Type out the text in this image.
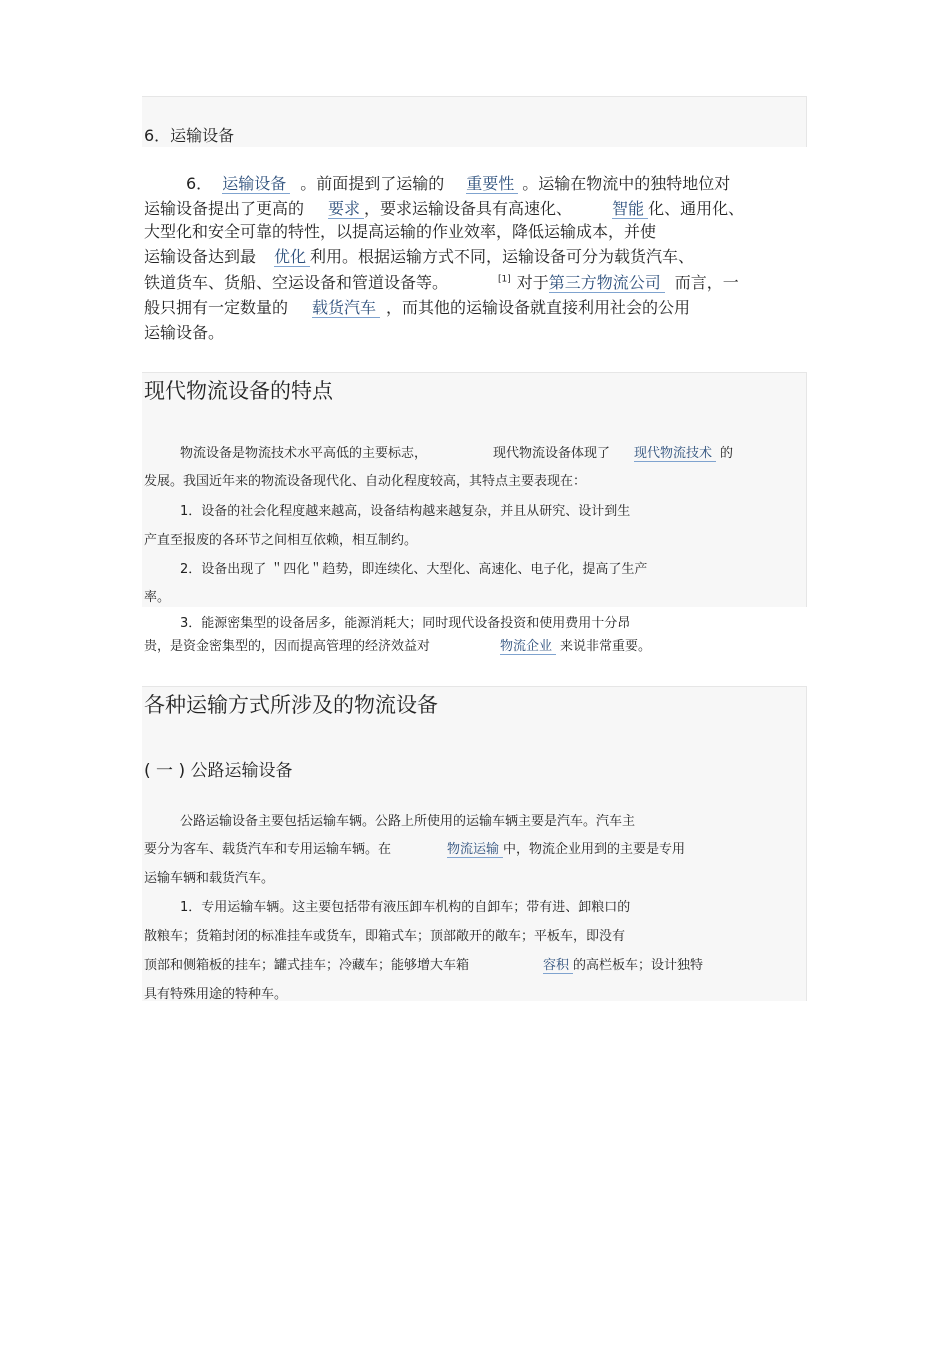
6．运输设备
6． 运输设备 。前面提到了运输的 重要性 。运输在物流中的独特地位对
运输设备提出了更高的 要求 ，要求运输设备具有高速化、	智能 化、通用化、
大型化和安全可靠的特性，以提高运输的作业效率，降低运输成本，并使
运输设备达到最 优化 利用。根据运输方式不同，运输设备可分为载货汽车、
铁道货车、货船、空运设备和管道设备等。	[1] 对于第三方物流公司 而言，一
般只拥有一定数量的 载货汽车 ，而其他的运输设备就直接利用社会的公用
运输设备。
现代物流设备的特点
物流设备是物流技术水平高低的主要标志，	现代物流设备体现了 现代物流技术 的
发展。我国近年来的物流设备现代化、自动化程度较高，其特点主要表现在：
1．设备的社会化程度越来越高，设备结构越来越复杂，并且从研究、设计到生
产直至报废的各环节之间相互依赖，相互制约。
2．设备出现了 ＂四化＂趋势，即连续化、大型化、高速化、电子化，提高了生产
率。
3．能源密集型的设备居多，能源消耗大；同时现代设备投资和使用费用十分昂
贵，是资金密集型的，因而提高管理的经济效益对	物流企业 来说非常重要。
各种运输方式所涉及的物流设备
( 一 ) 公路运输设备
公路运输设备主要包括运输车辆。公路上所使用的运输车辆主要是汽车。汽车主
要分为客车、载货汽车和专用运输车辆。在	物流运输 中，物流企业用到的主要是专用
运输车辆和载货汽车。
1．专用运输车辆。这主要包括带有液压卸车机构的自卸车；带有进、卸粮口的
散粮车；货箱封闭的标准挂车或货车，即箱式车；顶部敞开的敞车；平板车，即没有
顶部和侧箱板的挂车；罐式挂车；冷藏车；能够增大车箱	容积 的高栏板车；设计独特
具有特殊用途的特种车。
